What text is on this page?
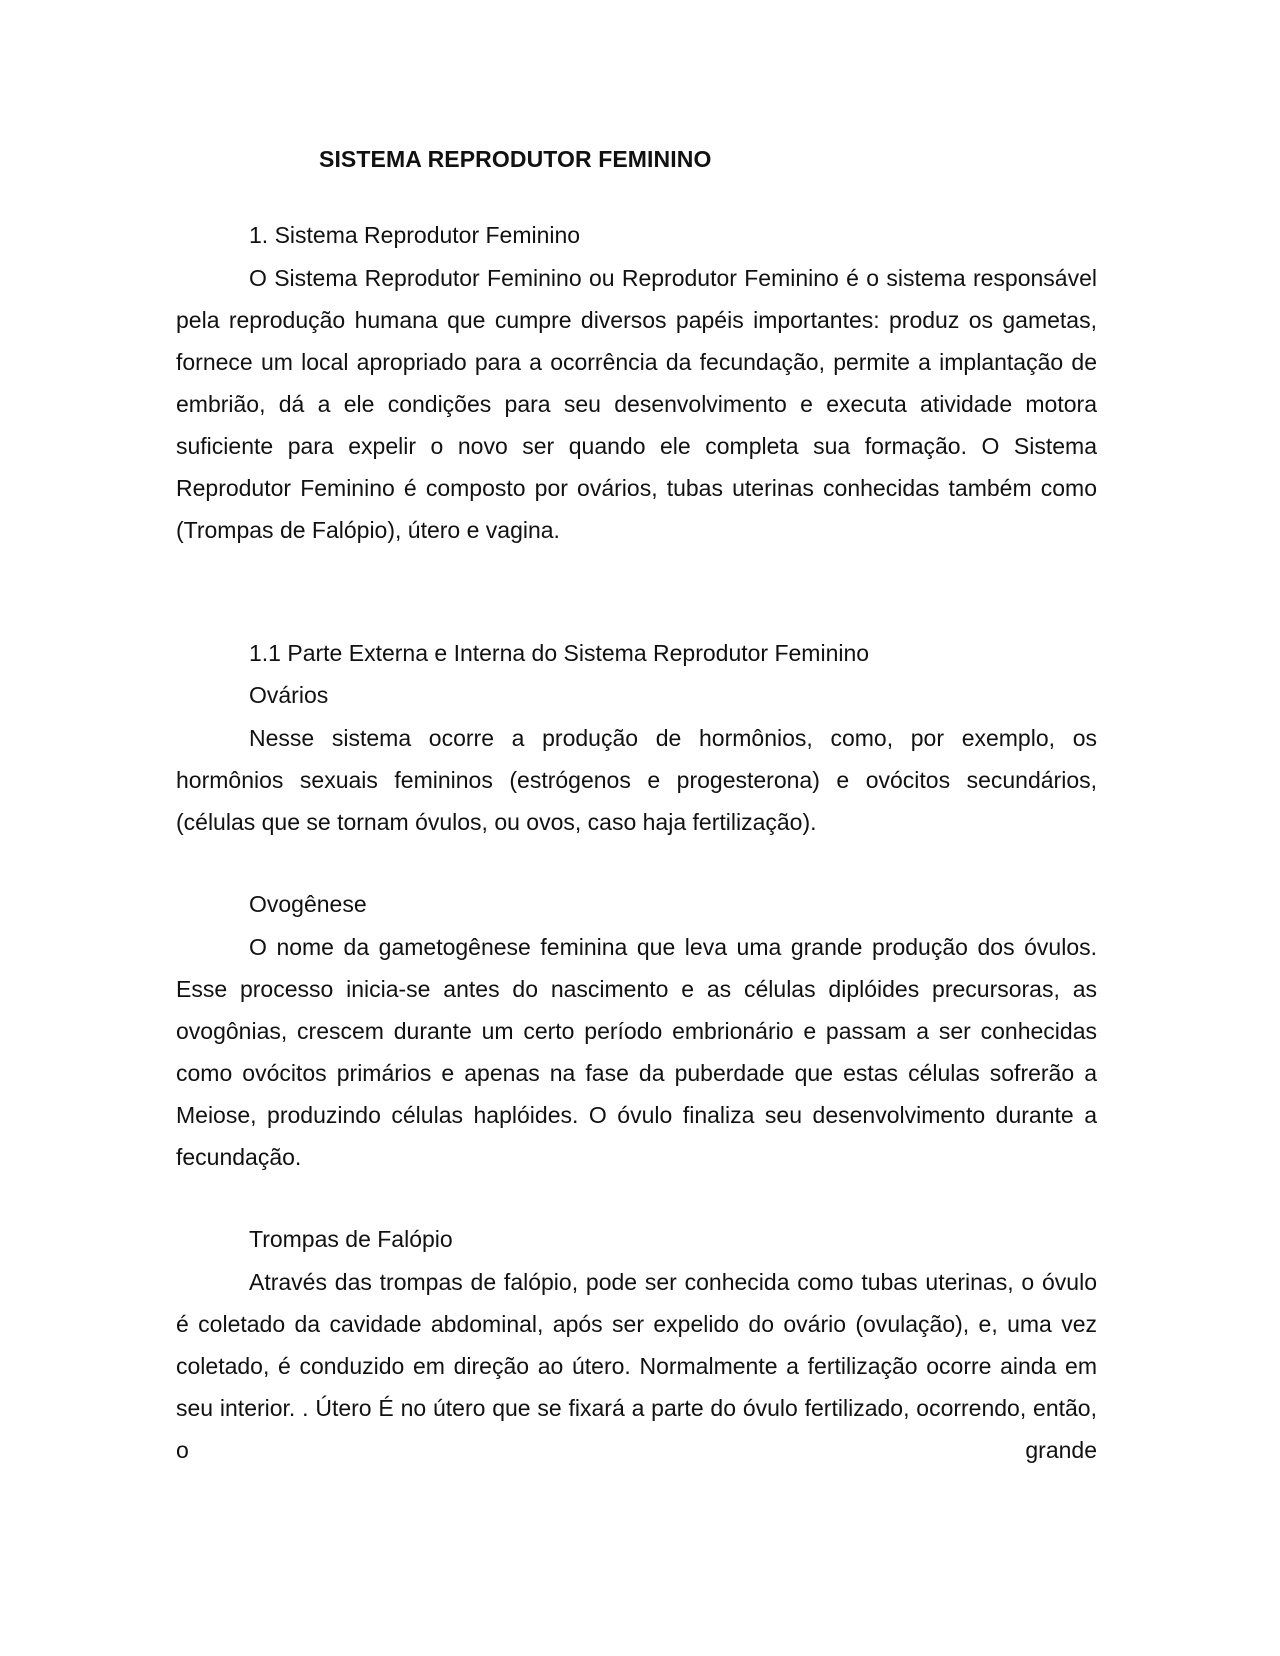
SISTEMA REPRODUTOR FEMININO
1. Sistema Reprodutor Feminino

O Sistema Reprodutor Feminino ou Reprodutor Feminino é o sistema responsável pela reprodução humana que cumpre diversos papéis importantes: produz os gametas, fornece um local apropriado para a ocorrência da fecundação, permite a implantação de embrião, dá a ele condições para seu desenvolvimento e executa atividade motora suficiente para expelir o novo ser quando ele completa sua formação. O Sistema Reprodutor Feminino é composto por ovários, tubas uterinas conhecidas também como (Trompas de Falópio), útero e vagina.

1.1 Parte Externa e Interna do Sistema Reprodutor Feminino
Ovários

Nesse sistema ocorre a produção de hormônios, como, por exemplo, os hormônios sexuais femininos (estrógenos e progesterona) e ovócitos secundários, (células que se tornam óvulos, ou ovos, caso haja fertilização).

Ovogênese

O nome da gametogênese feminina que leva uma grande produção dos óvulos. Esse processo inicia-se antes do nascimento e as células diplóides precursoras, as ovogônias, crescem durante um certo período embrionário e passam a ser conhecidas como ovócitos primários e apenas na fase da puberdade que estas células sofrerão a Meiose, produzindo células haplóides. O óvulo finaliza seu desenvolvimento durante a fecundação.

Trompas de Falópio

Através das trompas de falópio, pode ser conhecida como tubas uterinas, o óvulo é coletado da cavidade abdominal, após ser expelido do ovário (ovulação), e, uma vez coletado, é conduzido em direção ao útero. Normalmente a fertilização ocorre ainda em seu interior. . Útero É no útero que se fixará a parte do óvulo fertilizado, ocorrendo, então, o grande
